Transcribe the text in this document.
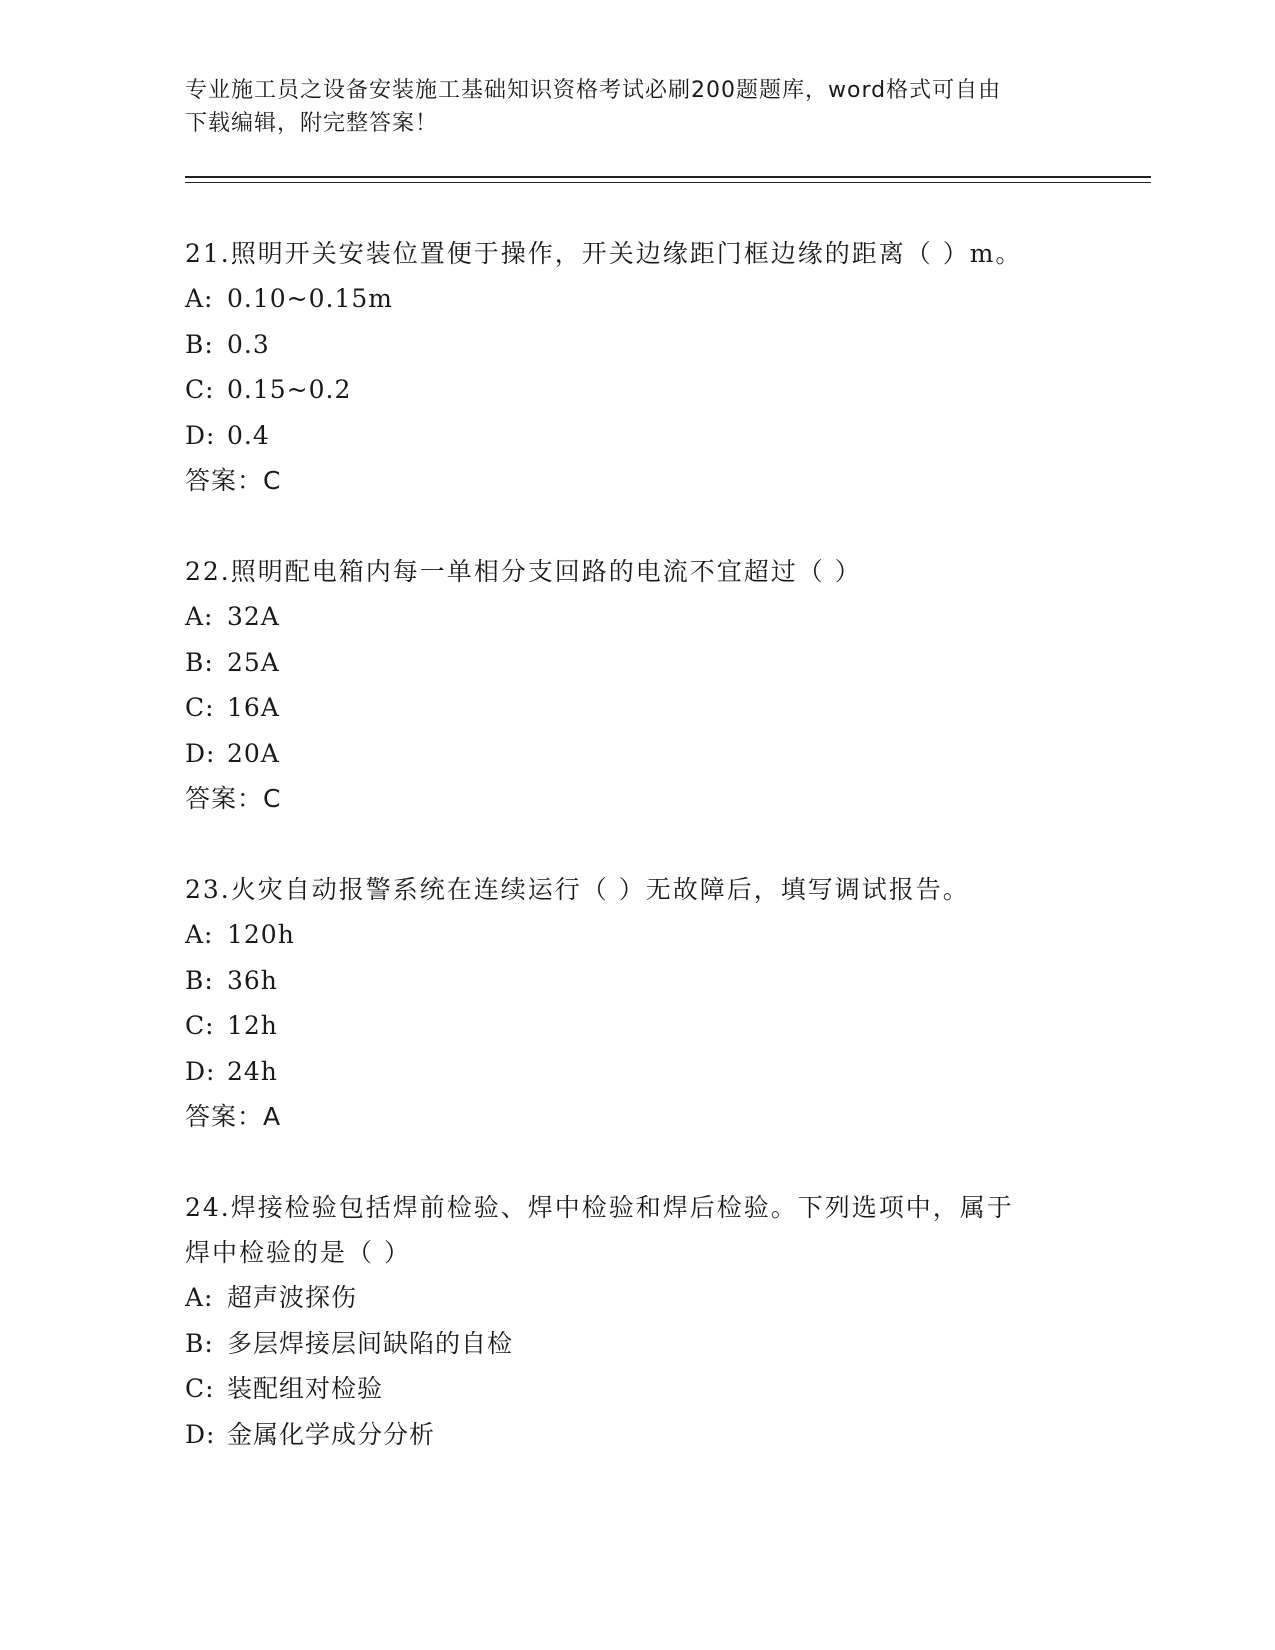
专业施工员之设备安装施工基础知识资格考试必刷200题题库，word格式可自由
下载编辑，附完整答案！
21.照明开关安装位置便于操作，开关边缘距门框边缘的距离（ ）m。
A: 0.10~0.15m
B: 0.3
C: 0.15~0.2
D: 0.4
答案：C
22.照明配电箱内每一单相分支回路的电流不宜超过（ ）
A: 32A
B: 25A
C: 16A
D: 20A
答案：C
23.火灾自动报警系统在连续运行（ ）无故障后，填写调试报告。
A: 120h
B: 36h
C: 12h
D: 24h
答案：A
24.焊接检验包括焊前检验、焊中检验和焊后检验。下列选项中，属于
焊中检验的是（ ）
A: 超声波探伤
B: 多层焊接层间缺陷的自检
C: 装配组对检验
D: 金属化学成分分析
